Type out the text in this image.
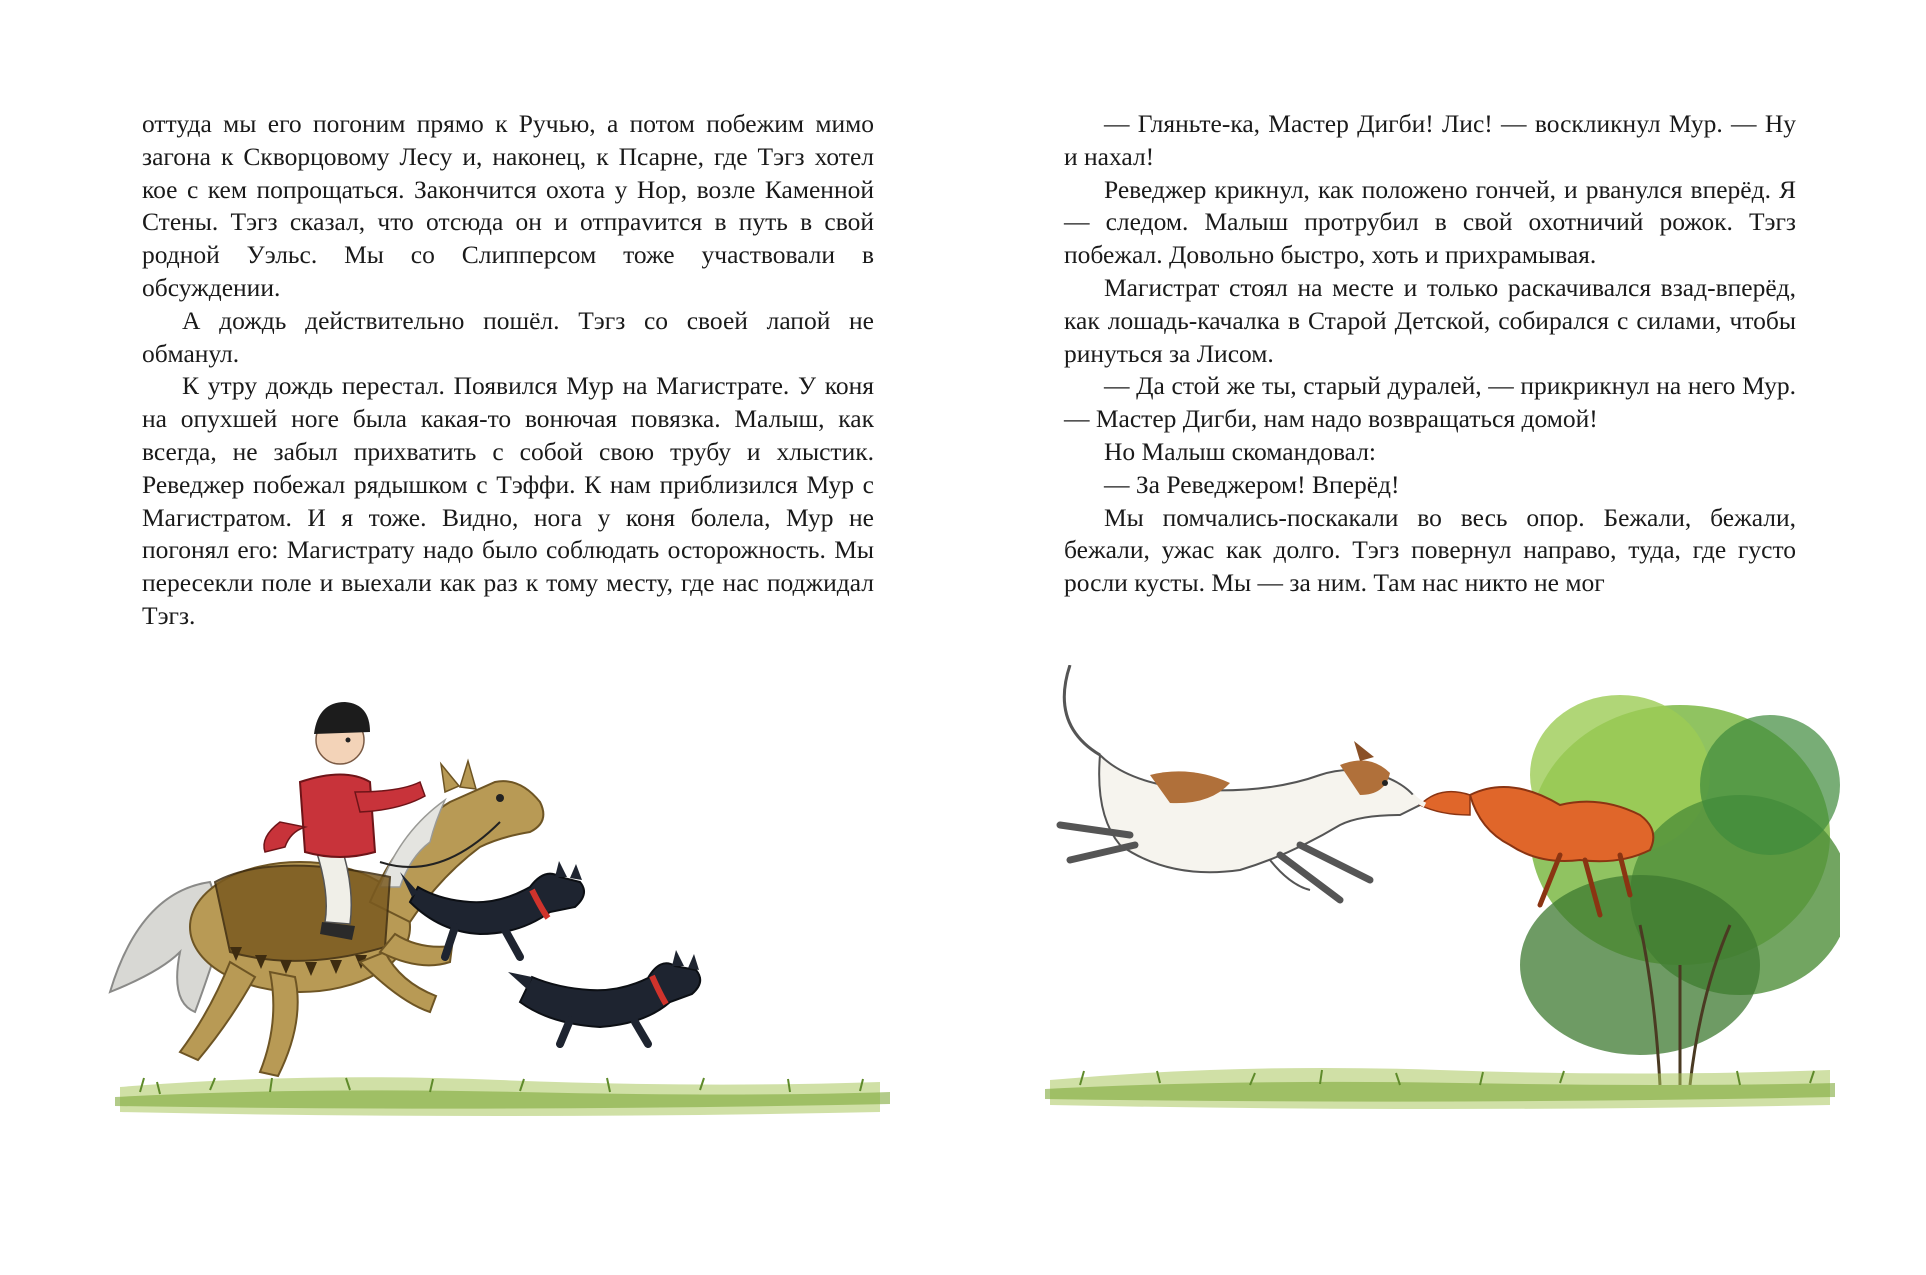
оттуда мы его погоним прямо к Ручью, а потом побежим мимо загона к Скворцовому Лесу и, наконец, к Псарне, где Тэгз хотел кое с кем попрощаться. Закончится охота у Нор, возле Каменной Стены. Тэгз сказал, что отсюда он и отпраvится в путь в свой родной Уэльс. Мы со Слипперсом тоже участвовали в обсуждении.

А дождь действительно пошёл. Тэгз со своей лапой не обманул.

К утру дождь перестал. Появился Мур на Магистрате. У коня на опухшей ноге была какая-то вонючая повязка. Малыш, как всегда, не забыл прихватить с собой свою трубу и хлыстик. Реведжер побежал рядышком с Тэффи. К нам приблизился Мур с Магистратом. И я тоже. Видно, нога у коня болела, Мур не погонял его: Магистрату надо было соблюдать осторожность. Мы пересекли поле и выехали как раз к тому месту, где нас поджидал Тэгз.

— Гляньте-ка, Мастер Дигби! Лис! — воскликнул Мур. — Ну и нахал!

Реведжер крикнул, как положено гончей, и рванулся вперёд. Я — следом. Малыш протрубил в свой охотничий рожок. Тэгз побежал. Довольно быстро, хоть и прихрамывая.

Магистрат стоял на месте и только раскачивался взад-вперёд, как лошадь-качалка в Старой Детской, собирался с силами, чтобы ринуться за Лисом.

— Да стой же ты, старый дуралей, — прикрикнул на него Мур. — Мастер Дигби, нам надо возвращаться домой!

Но Малыш скомандовал:

— За Реведжером! Вперёд!

Мы помчались-поскакали во весь опор. Бежали, бежали, бежали, ужас как долго. Тэгз повернул направо, туда, где густо росли кусты. Мы — за ним. Там нас никто не мог
